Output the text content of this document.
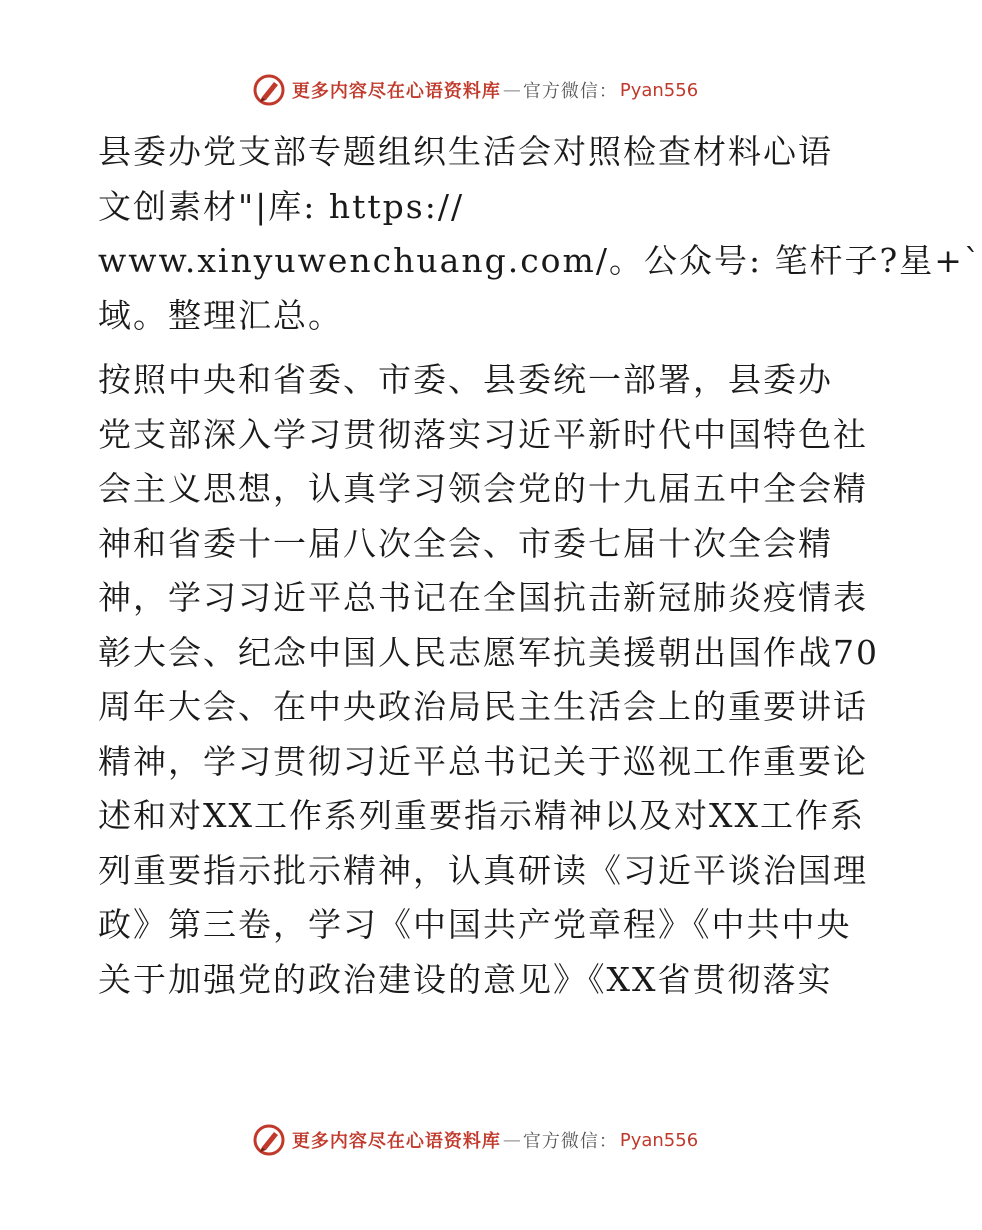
更多内容尽在心语资料库 — 官方微信： Pyan556
县委办党支部专题组织生活会对照检查材料心语
文创素材"|库: https://
www.xinyuwenchuang.com/。公众号: 笔杆子?星+`
域。整理汇总。
按照中央和省委、市委、县委统一部署，县委办
党支部深入学习贯彻落实习近平新时代中国特色社
会主义思想，认真学习领会党的十九届五中全会精
神和省委十一届八次全会、市委七届十次全会精
神，学习习近平总书记在全国抗击新冠肺炎疫情表
彰大会、纪念中国人民志愿军抗美援朝出国作战70
周年大会、在中央政治局民主生活会上的重要讲话
精神，学习贯彻习近平总书记关于巡视工作重要论
述和对XX工作系列重要指示精神以及对XX工作系
列重要指示批示精神，认真研读《习近平谈治国理
政》第三卷，学习《中国共产党章程》《中共中央
关于加强党的政治建设的意见》《XX省贯彻落实
更多内容尽在心语资料库 — 官方微信： Pyan556
